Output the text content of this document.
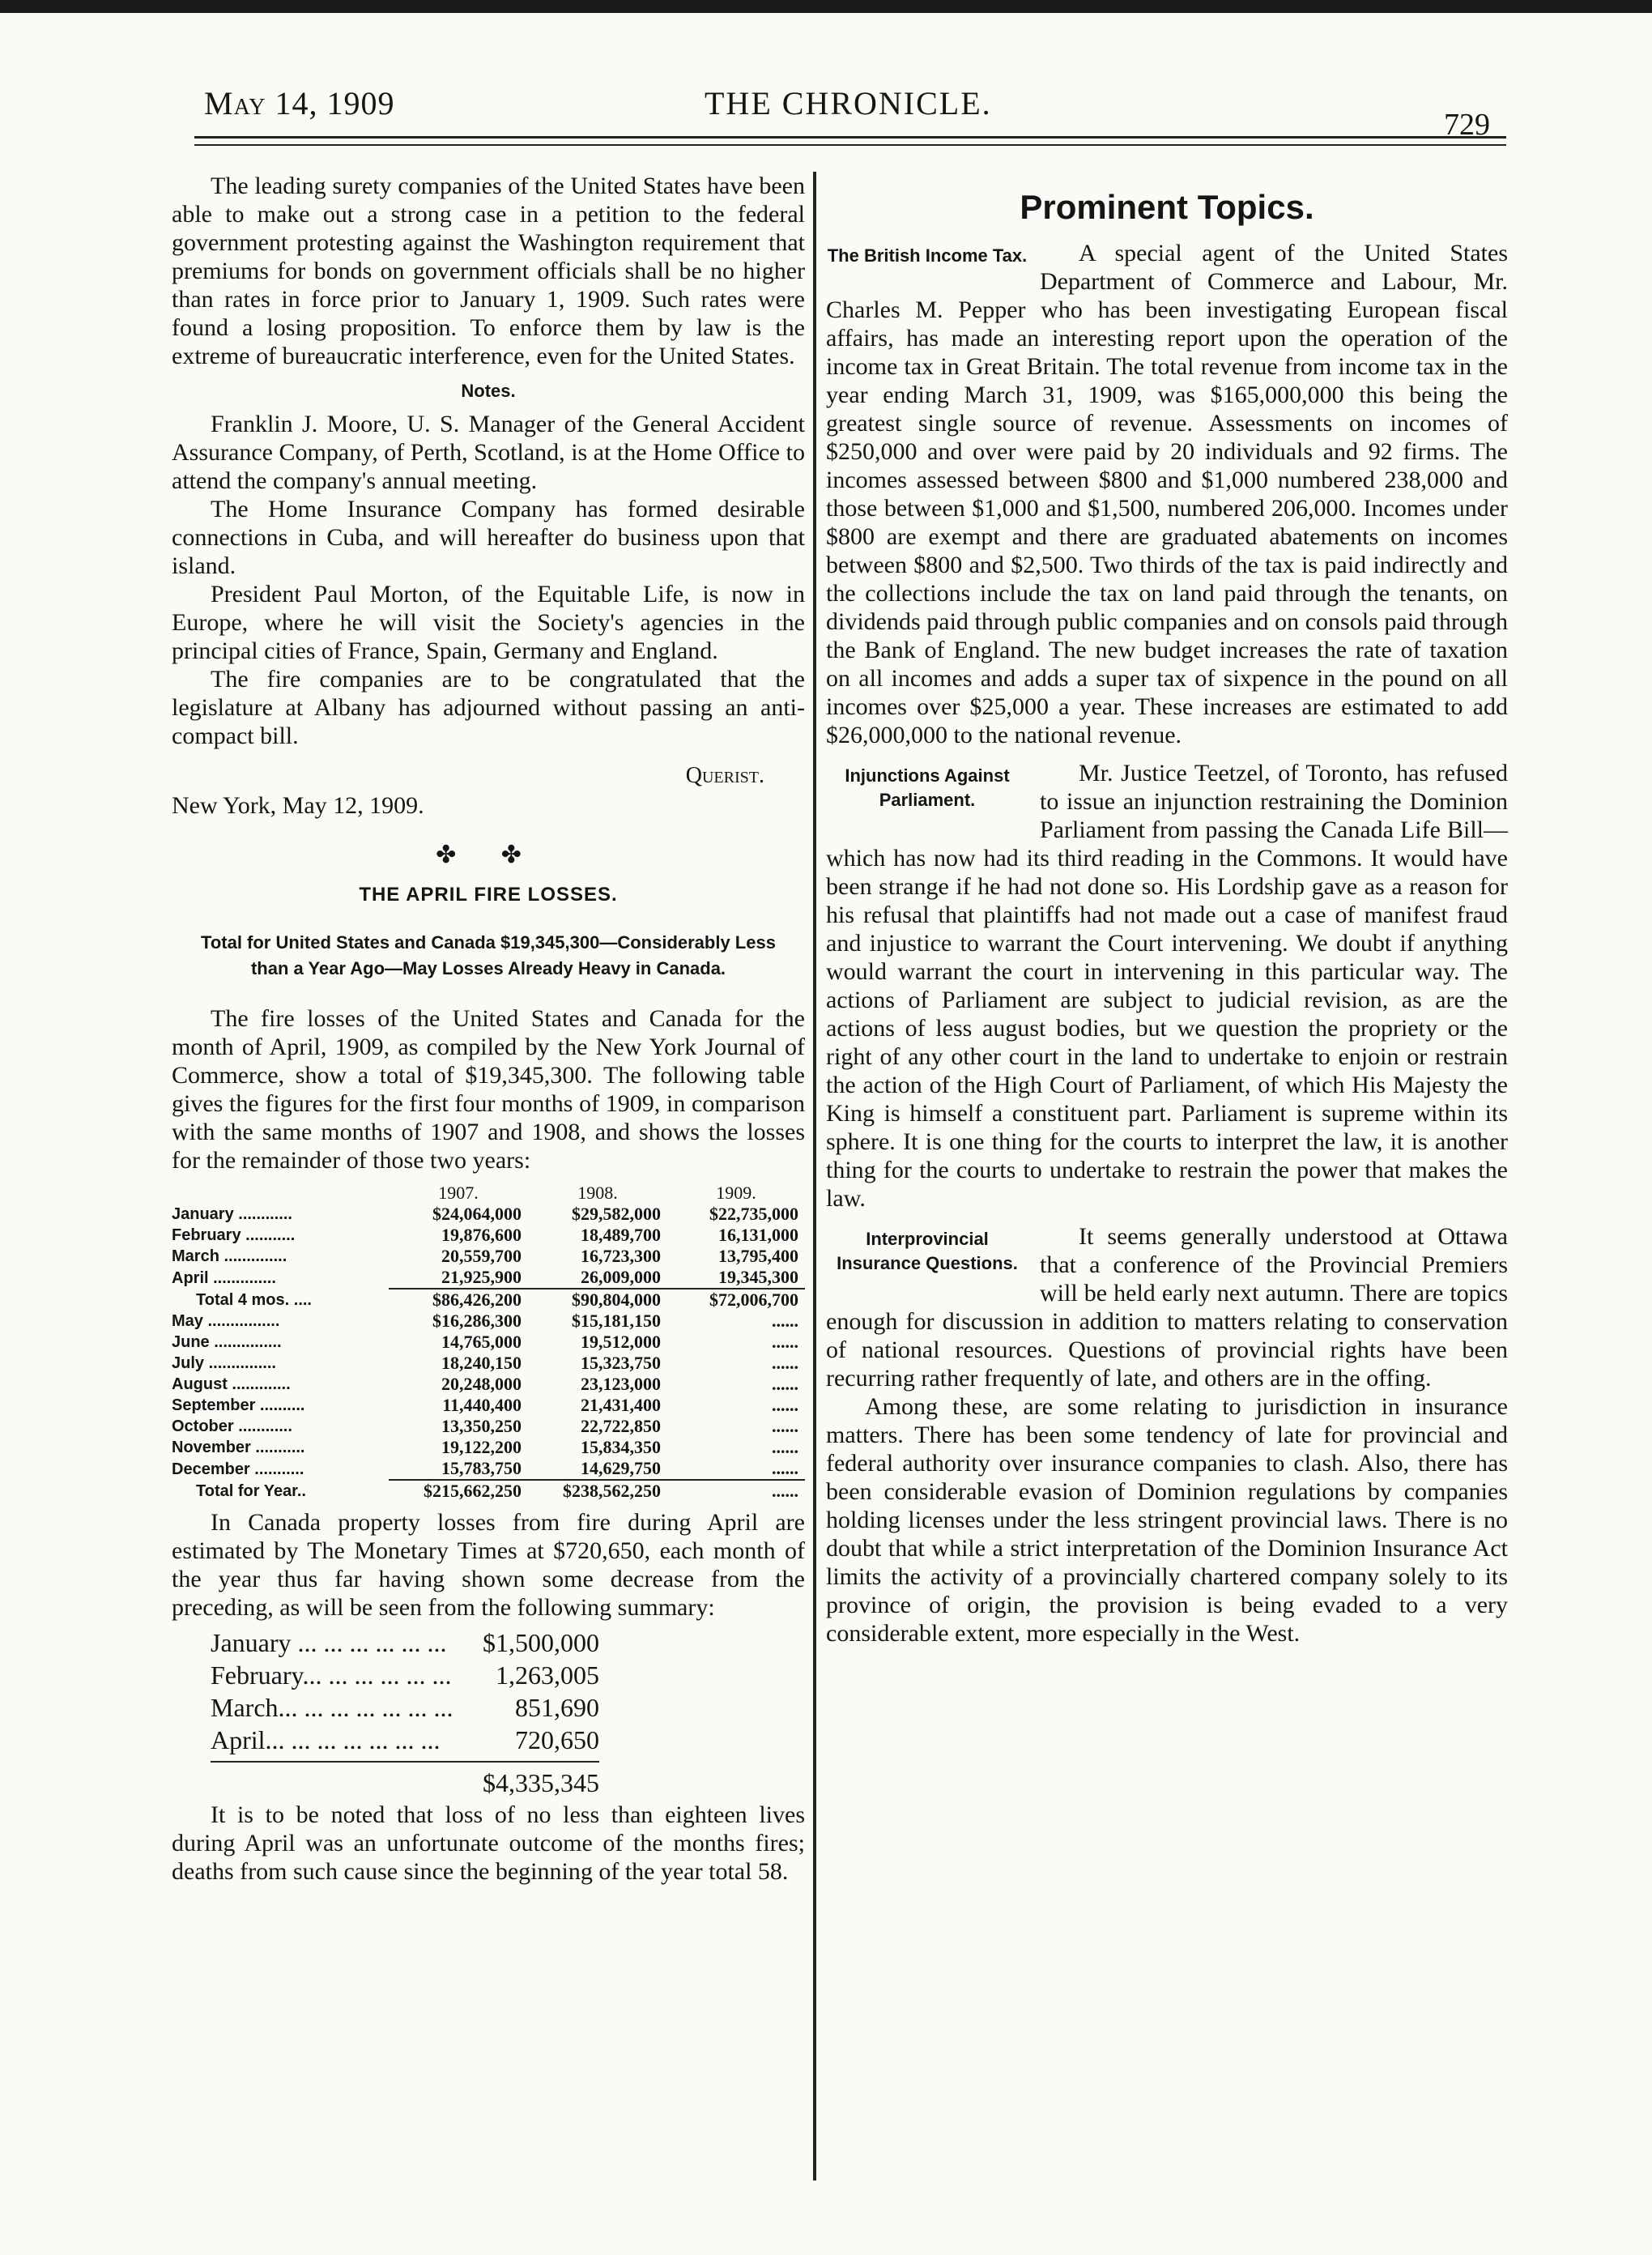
May 14, 1909	THE CHRONICLE.
729

The leading surety companies of the United States have been able to make out a strong case in a petition to the federal government protesting against the Washington requirement that premiums for bonds on government officials shall be no higher than rates in force prior to January 1, 1909. Such rates were found a losing proposition. To enforce them by law is the extreme of bureaucratic interference, even for the United States.

Notes.

Franklin J. Moore, U. S. Manager of the General Accident Assurance Company, of Perth, Scotland, is at the Home Office to attend the company's annual meeting.

The Home Insurance Company has formed desirable connections in Cuba, and will hereafter do business upon that island.

President Paul Morton, of the Equitable Life, is now in Europe, where he will visit the Society's agencies in the principal cities of France, Spain, Germany and England.

The fire companies are to be congratulated that the legislature at Albany has adjourned without passing an anti-compact bill.

Querist.

New York, May 12, 1909.

✤ ✤
THE APRIL FIRE LOSSES.
Total for United States and Canada $19,345,300—Considerably Less than a Year Ago—May Losses Already Heavy in Canada.

The fire losses of the United States and Canada for the month of April, 1909, as compiled by the New York Journal of Commerce, show a total of $19,345,300. The following table gives the figures for the first four months of 1909, in comparison with the same months of 1907 and 1908, and shows the losses for the remainder of those two years:

	1907.	1908.	1909.
January ............	$24,064,000	$29,582,000	$22,735,000
February ...........	19,876,600	18,489,700	16,131,000
March ..............	20,559,700	16,723,300	13,795,400
April ..............	21,925,900	26,009,000	19,345,300
Total 4 mos. ....	$86,426,200	$90,804,000	$72,006,700
May ................	$16,286,300	$15,181,150	......
June ...............	14,765,000	19,512,000	......
July ...............	18,240,150	15,323,750	......
August .............	20,248,000	23,123,000	......
September ..........	11,440,400	21,431,400	......
October ............	13,350,250	22,722,850	......
November ...........	19,122,200	15,834,350	......
December ...........	15,783,750	14,629,750	......
Total for Year..	$215,662,250	$238,562,250	......

In Canada property losses from fire during April are estimated by The Monetary Times at $720,650, each month of the year thus far having shown some decrease from the preceding, as will be seen from the following summary:

January ... ... ... ... ... ... $1,500,000
February... ... ... ... ... ... 1,263,005
March... ... ... ... ... ... ... 851,690
April... ... ... ... ... ... ...	720,650
$4,335,345

It is to be noted that loss of no less than eighteen lives during April was an unfortunate outcome of the months fires; deaths from such cause since the beginning of the year total 58.

Prominent Topics.
The British Income Tax.	A special agent of the United States Department of Commerce and Labour, Mr. Charles M. Pepper who has been investigating European fiscal affairs, has made an interesting report upon the operation of the income tax in Great Britain. The total revenue from income tax in the year ending March 31, 1909, was $165,000,000 this being the greatest single source of revenue. Assessments on incomes of $250,000 and over were paid by 20 individuals and 92 firms. The incomes assessed between $800 and $1,000 numbered 238,000 and those between $1,000 and $1,500, numbered 206,000. Incomes under $800 are exempt and there are graduated abatements on incomes between $800 and $2,500. Two thirds of the tax is paid indirectly and the collections include the tax on land paid through the tenants, on dividends paid through public companies and on consols paid through the Bank of England. The new budget increases the rate of taxation on all incomes and adds a super tax of sixpence in the pound on all incomes over $25,000 a year. These increases are estimated to add $26,000,000 to the national revenue.

Injunctions Against Parliament.

Mr. Justice Teetzel, of Toronto, has refused to issue an injunction restraining the Dominion Parliament from passing the Canada Life Bill—which has now had its third reading in the Commons. It would have been strange if he had not done so. His Lordship gave as a reason for his refusal that plaintiffs had not made out a case of manifest fraud and injustice to warrant the Court intervening. We doubt if anything would warrant the court in intervening in this particular way. The actions of Parliament are subject to judicial revision, as are the actions of less august bodies, but we question the propriety or the right of any other court in the land to undertake to enjoin or restrain the action of the High Court of Parliament, of which His Majesty the King is himself a constituent part. Parliament is supreme within its sphere. It is one thing for the courts to interpret the law, it is another thing for the courts to undertake to restrain the power that makes the law.

Interprovincial Insurance Questions.

It seems generally understood at Ottawa that a conference of the Provincial Premiers will be held early next autumn. There are topics enough for discussion in addition to matters relating to conservation of national resources. Questions of provincial rights have been recurring rather frequently of late, and others are in the offing.

Among these, are some relating to jurisdiction in insurance matters. There has been some tendency of late for provincial and federal authority over insurance companies to clash. Also, there has been considerable evasion of Dominion regulations by companies holding licenses under the less stringent provincial laws. There is no doubt that while a strict interpretation of the Dominion Insurance Act limits the activity of a provincially chartered company solely to its province of origin, the provision is being evaded to a very considerable extent, more especially in the West.
